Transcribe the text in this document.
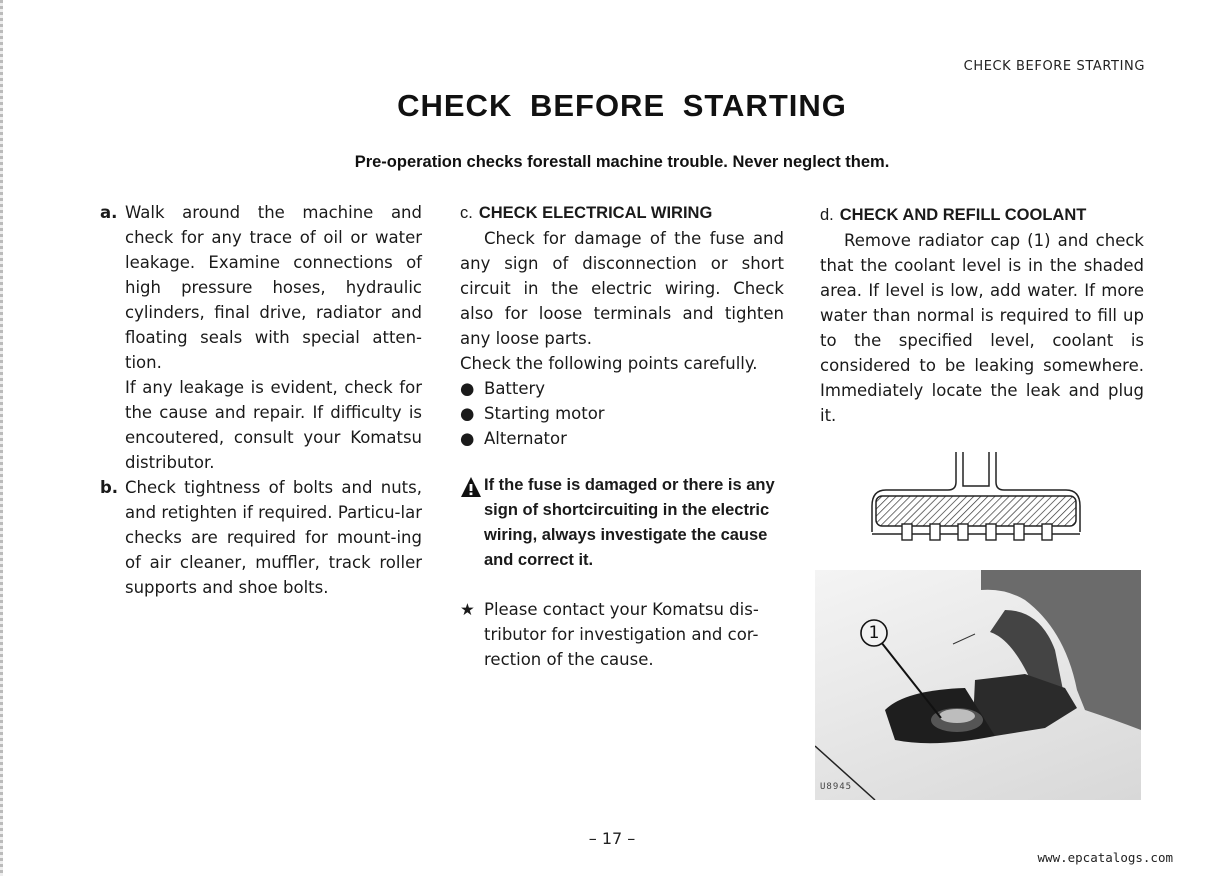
CHECK BEFORE STARTING
CHECK BEFORE STARTING
Pre-operation checks forestall machine trouble. Never neglect them.
a. Walk around the machine and check for any trace of oil or water leakage. Examine connections of high pressure hoses, hydraulic cylinders, final drive, radiator and floating seals with special atten-tion.

If any leakage is evident, check for the cause and repair. If difficulty is encoutered, consult your Komatsu distributor.

b. Check tightness of bolts and nuts, and retighten if required. Particu-lar checks are required for mount-ing of air cleaner, muffler, track roller supports and shoe bolts.

c. CHECK ELECTRICAL WIRING

Check for damage of the fuse and any sign of disconnection or short circuit in the electric wiring. Check also for loose terminals and tighten any loose parts.

Check the following points carefully.

● Battery
● Starting motor
● Alternator

If the fuse is damaged or there is any sign of shortcircuiting in the electric wiring, always investigate the cause and correct it.

★ Please contact your Komatsu dis-tributor for investigation and cor-rection of the cause.

d. CHECK AND REFILL COOLANT

Remove radiator cap (1) and check that the coolant level is in the shaded area. If level is low, add water. If more water than normal is required to fill up to the specified level, coolant is considered to be leaking somewhere. Immediately locate the leak and plug it.

1
U8945
– 17 –
www.epcatalogs.com
